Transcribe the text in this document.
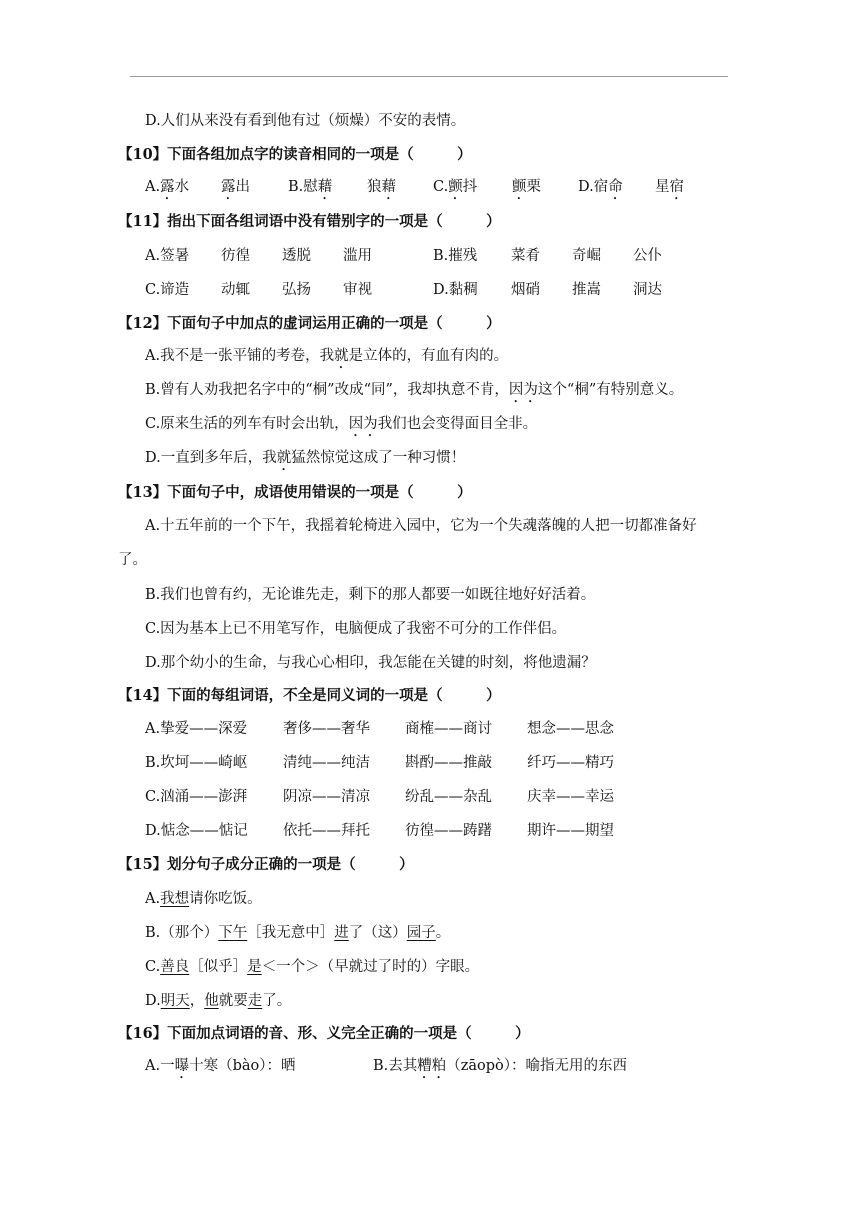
D.人们从来没有看到他有过（烦燥）不安的表情。
【10】下面各组加点字的读音相同的一项是（　　　）
A.露水 露出	B.慰藉 狼藉	C.颤抖 颤栗	D.宿命 星宿
【11】指出下面各组词语中没有错别字的一项是（　　　）
A.签暑 彷徨 透脱 滥用	B.摧残 菜肴 奇崛 公仆
C.谛造 动辄 弘扬 审视	D.黏稠 烟硝 推嵩 洞达
【12】下面句子中加点的虚词运用正确的一项是（　　　）
A.我不是一张平铺的考卷，我就是立体的，有血有肉的。
B.曾有人劝我把名字中的“桐”改成“同”，我却执意不肯，因为这个“桐”有特别意义。
C.原来生活的列车有时会出轨，因为我们也会变得面目全非。
D.一直到多年后，我就猛然惊觉这成了一种习惯！
【13】下面句子中，成语使用错误的一项是（　　　）
A.十五年前的一个下午，我摇着轮椅进入园中，它为一个失魂落魄的人把一切都准备好
了。
B.我们也曾有约，无论谁先走，剩下的那人都要一如既往地好好活着。
C.因为基本上已不用笔写作，电脑便成了我密不可分的工作伴侣。
D.那个幼小的生命，与我心心相印，我怎能在关键的时刻，将他遗漏？
【14】下面的每组词语，不全是同义词的一项是（　　　）
A.挚爱——深爱 奢侈——奢华 商榷——商讨 想念——思念
B.坎坷——崎岖 清纯——纯洁 斟酌——推敲 纤巧——精巧
C.汹涌——澎湃 阴凉——清凉 纷乱——杂乱 庆幸——幸运
D.惦念——惦记 依托——拜托 彷徨——踌躇 期许——期望
【15】划分句子成分正确的一项是（　　　）
A.我想请你吃饭。
B.（那个）下午［我无意中］进了（这）园子。
C.善良［似乎］是＜一个＞（早就过了时的）字眼。
D.明天，他就要走了。
【16】下面加点词语的音、形、义完全正确的一项是（　　　）
A.一曝十寒（bào）：晒	B.去其糟粕（zāopò）：喻指无用的东西
